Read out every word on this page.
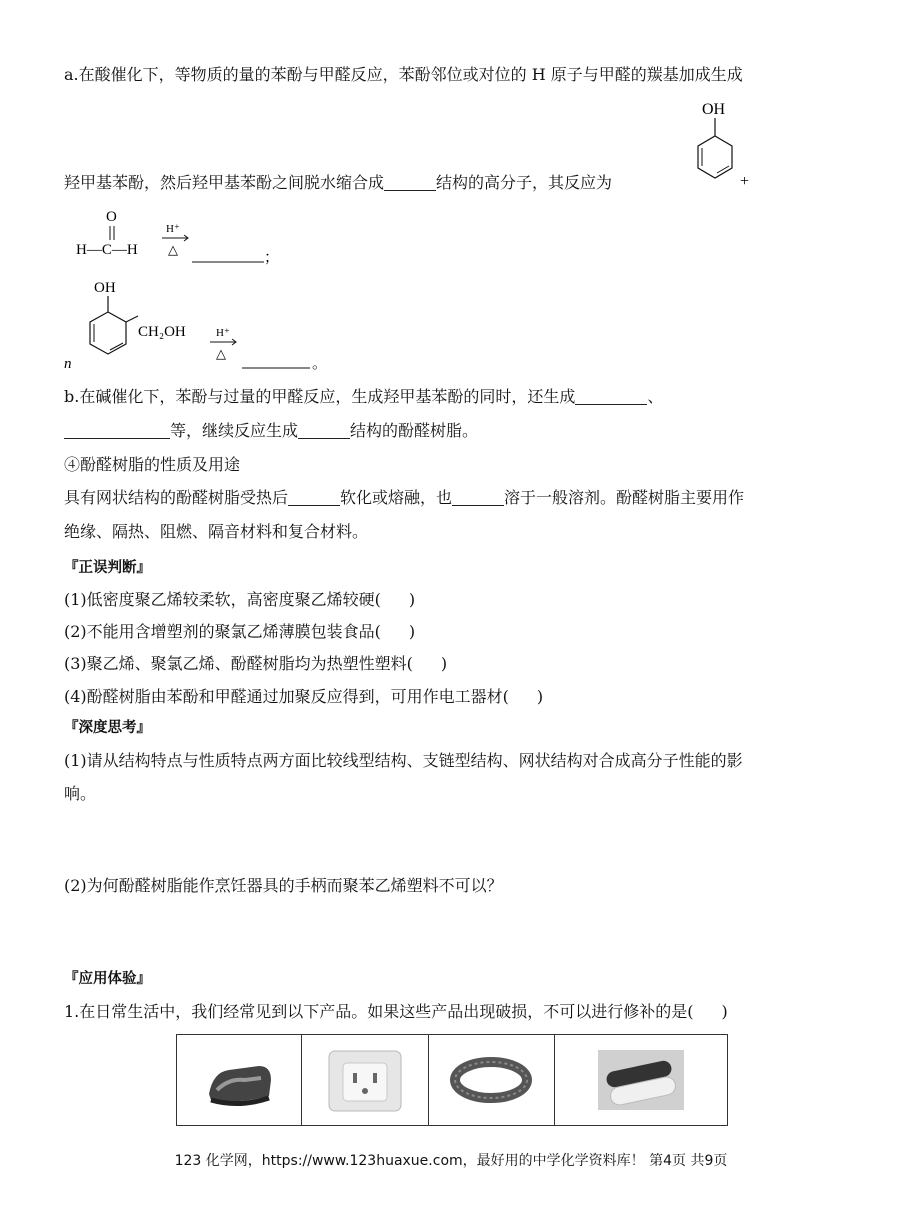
a.在酸催化下，等物质的量的苯酚与甲醛反应，苯酚邻位或对位的 H 原子与甲醛的羰基加成生成
OH
+
羟甲基苯酚，然后羟甲基苯酚之间脱水缩合成	结构的高分子，其反应为
O
H—C—H
H⁺
△
；
OH
CH₂OH
n
H⁺
△
。
b.在碱催化下，苯酚与过量的甲醛反应，生成羟甲基苯酚的同时，还生成	、
等，继续反应生成	结构的酚醛树脂。
④酚醛树脂的性质及用途
具有网状结构的酚醛树脂受热后	软化或熔融，也	溶于一般溶剂。酚醛树脂主要用作
绝缘、隔热、阻燃、隔音材料和复合材料。
『正误判断』
(1)低密度聚乙烯较柔软，高密度聚乙烯较硬( )
(2)不能用含增塑剂的聚氯乙烯薄膜包装食品( )
(3)聚乙烯、聚氯乙烯、酚醛树脂均为热塑性塑料( )
(4)酚醛树脂由苯酚和甲醛通过加聚反应得到，可用作电工器材( )
『深度思考』
(1)请从结构特点与性质特点两方面比较线型结构、支链型结构、网状结构对合成高分子性能的影
响。
(2)为何酚醛树脂能作烹饪器具的手柄而聚苯乙烯塑料不可以？
『应用体验』
1.在日常生活中，我们经常见到以下产品。如果这些产品出现破损，不可以进行修补的是( )
123 化学网，https://www.123huaxue.com，最好用的中学化学资料库！ 第4页 共9页
